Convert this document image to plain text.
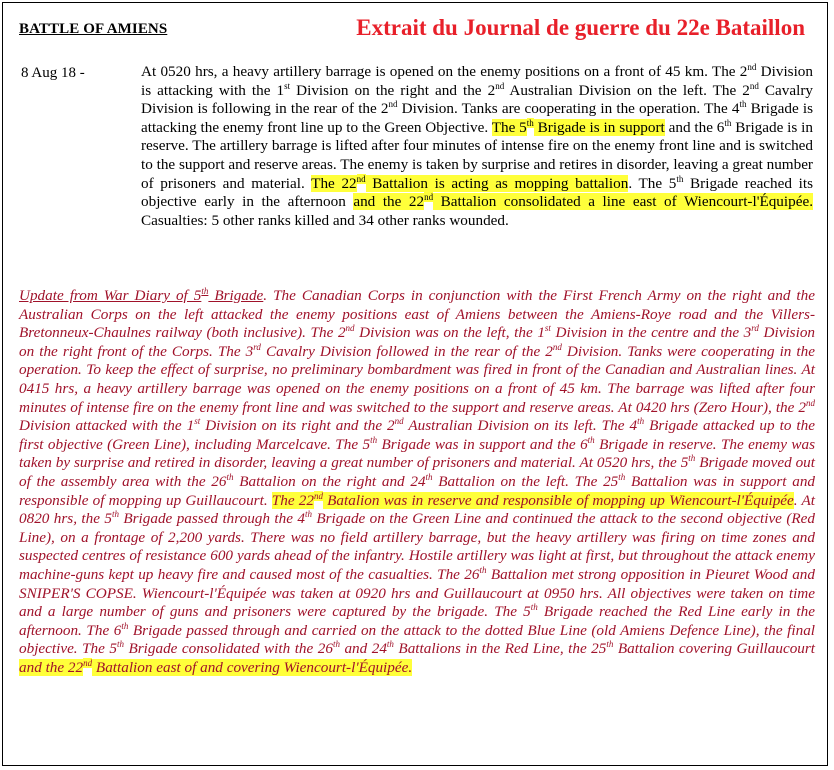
BATTLE OF AMIENS	Extrait du Journal de guerre du 22e Bataillon
8 Aug 18 -	At 0520 hrs, a heavy artillery barrage is opened on the enemy positions on a front of 45 km. The 2nd Division is attacking with the 1st Division on the right and the 2nd Australian Division on the left. The 2nd Cavalry Division is following in the rear of the 2nd Division. Tanks are cooperating in the operation. The 4th Brigade is attacking the enemy front line up to the Green Objective. The 5th Brigade is in support and the 6th Brigade is in reserve. The artillery barrage is lifted after four minutes of intense fire on the enemy front line and is switched to the support and reserve areas. The enemy is taken by surprise and retires in disorder, leaving a great number of prisoners and material. The 22nd Battalion is acting as mopping battalion. The 5th Brigade reached its objective early in the afternoon and the 22nd Battalion consolidated a line east of Wiencourt-l'Équipée. Casualties: 5 other ranks killed and 34 other ranks wounded.
Update from War Diary of 5th Brigade. The Canadian Corps in conjunction with the First French Army on the right and the Australian Corps on the left attacked the enemy positions east of Amiens between the Amiens-Roye road and the Villers-Bretonneux-Chaulnes railway (both inclusive). The 2nd Division was on the left, the 1st Division in the centre and the 3rd Division on the right front of the Corps. The 3rd Cavalry Division followed in the rear of the 2nd Division. Tanks were cooperating in the operation. To keep the effect of surprise, no preliminary bombardment was fired in front of the Canadian and Australian lines. At 0415 hrs, a heavy artillery barrage was opened on the enemy positions on a front of 45 km. The barrage was lifted after four minutes of intense fire on the enemy front line and was switched to the support and reserve areas. At 0420 hrs (Zero Hour), the 2nd Division attacked with the 1st Division on its right and the 2nd Australian Division on its left. The 4th Brigade attacked up to the first objective (Green Line), including Marcelcave. The 5th Brigade was in support and the 6th Brigade in reserve. The enemy was taken by surprise and retired in disorder, leaving a great number of prisoners and material. At 0520 hrs, the 5th Brigade moved out of the assembly area with the 26th Battalion on the right and 24th Battalion on the left. The 25th Battalion was in support and responsible of mopping up Guillaucourt. The 22nd Batalion was in reserve and responsible of mopping up Wiencourt-l'Équipée. At 0820 hrs, the 5th Brigade passed through the 4th Brigade on the Green Line and continued the attack to the second objective (Red Line), on a frontage of 2,200 yards. There was no field artillery barrage, but the heavy artillery was firing on time zones and suspected centres of resistance 600 yards ahead of the infantry. Hostile artillery was light at first, but throughout the attack enemy machine-guns kept up heavy fire and caused most of the casualties. The 26th Battalion met strong opposition in Pieuret Wood and SNIPER'S COPSE. Wiencourt-l'Équipée was taken at 0920 hrs and Guillaucourt at 0950 hrs. All objectives were taken on time and a large number of guns and prisoners were captured by the brigade. The 5th Brigade reached the Red Line early in the afternoon. The 6th Brigade passed through and carried on the attack to the dotted Blue Line (old Amiens Defence Line), the final objective. The 5th Brigade consolidated with the 26th and 24th Battalions in the Red Line, the 25th Battalion covering Guillaucourt and the 22nd Battalion east of and covering Wiencourt-l'Équipée.
